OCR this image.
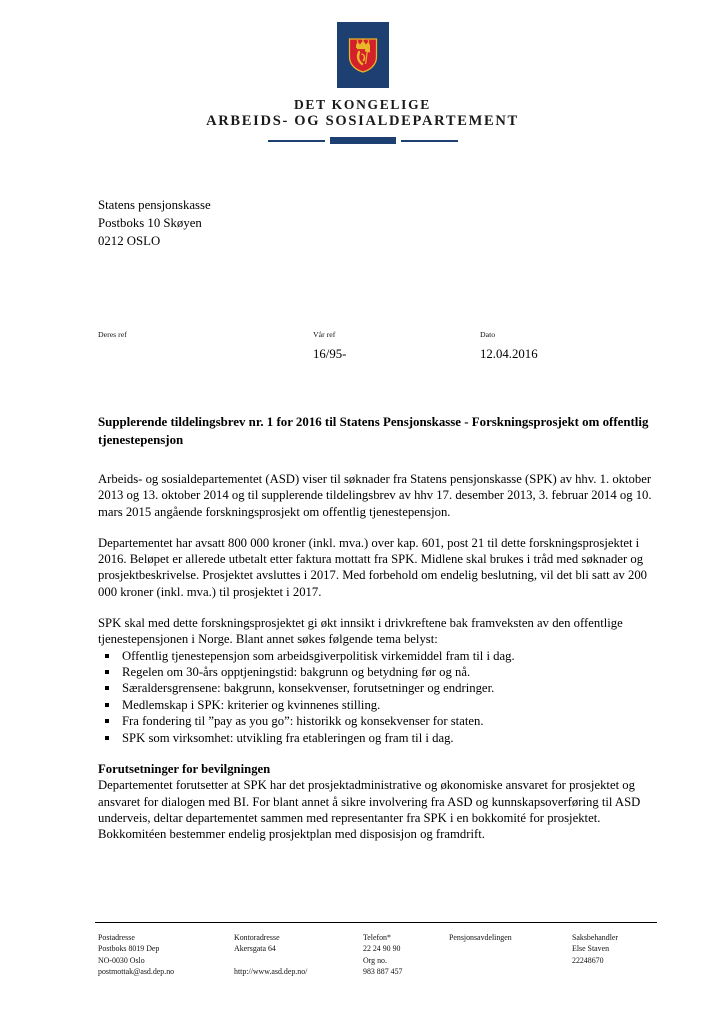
DET KONGELIGE
ARBEIDS- OG SOSIALDEPARTEMENT
Statens pensjonskasse
Postboks 10 Skøyen
0212 OSLO
Deres ref	Vår ref
16/95-
Dato
12.04.2016

Supplerende tildelingsbrev nr. 1 for 2016 til Statens Pensjonskasse - Forskningsprosjekt om offentlig tjenestepensjon

Arbeids- og sosialdepartementet (ASD) viser til søknader fra Statens pensjonskasse (SPK) av hhv. 1. oktober 2013 og 13. oktober 2014 og til supplerende tildelingsbrev av hhv 17. desember 2013, 3. februar 2014 og 10. mars 2015 angående forskningsprosjekt om offentlig tjenestepensjon.

Departementet har avsatt 800 000 kroner (inkl. mva.) over kap. 601, post 21 til dette forskningsprosjektet i 2016. Beløpet er allerede utbetalt etter faktura mottatt fra SPK. Midlene skal brukes i tråd med søknader og prosjektbeskrivelse. Prosjektet avsluttes i 2017. Med forbehold om endelig beslutning, vil det bli satt av 200 000 kroner (inkl. mva.) til prosjektet i 2017.

SPK skal med dette forskningsprosjektet gi økt innsikt i drivkreftene bak framveksten av den offentlige tjenestepensjonen i Norge. Blant annet søkes følgende tema belyst:

Offentlig tjenestepensjon som arbeidsgiverpolitisk virkemiddel fram til i dag.
Regelen om 30-års opptjeningstid: bakgrunn og betydning før og nå.
Særaldersgrensene: bakgrunn, konsekvenser, forutsetninger og endringer.
Medlemskap i SPK: kriterier og kvinnenes stilling.
Fra fondering til ”pay as you go”: historikk og konsekvenser for staten.
SPK som virksomhet: utvikling fra etableringen og fram til i dag.

Forutsetninger for bevilgningen

Departementet forutsetter at SPK har det prosjektadministrative og økonomiske ansvaret for prosjektet og ansvaret for dialogen med BI. For blant annet å sikre involvering fra ASD og kunnskapsoverføring til ASD underveis, deltar departementet sammen med representanter fra SPK i en bokkomité for prosjektet. Bokkomitéen bestemmer endelig prosjektplan med disposisjon og framdrift.

Postadresse
Postboks 8019 Dep
NO-0030 Oslo
postmottak@asd.dep.no
Kontoradresse
Akersgata 64
http://www.asd.dep.no/
Telefon*
22 24 90 90
Org no.
983 887 457
Pensjonsavdelingen	Saksbehandler
Else Staven
22248670
